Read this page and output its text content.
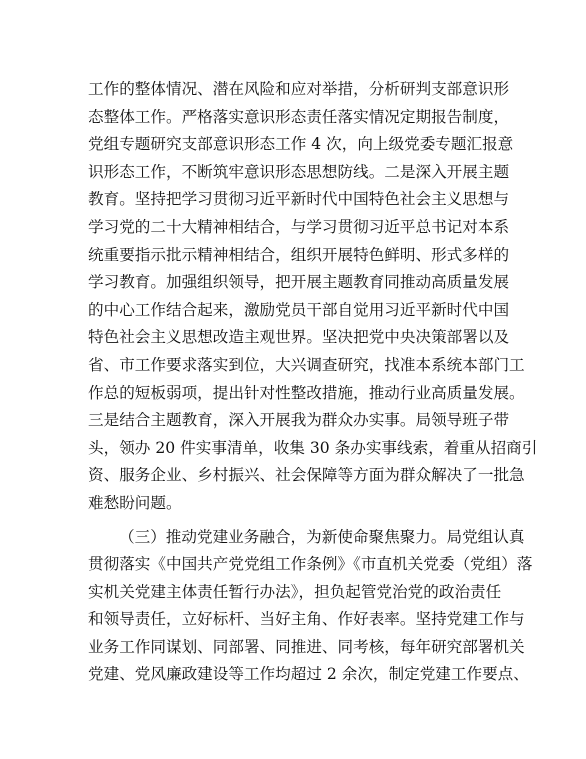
工作的整体情况、潜在风险和应对举措，分析研判支部意识形
态整体工作。严格落实意识形态责任落实情况定期报告制度，
党组专题研究支部意识形态工作 4 次，向上级党委专题汇报意
识形态工作，不断筑牢意识形态思想防线。二是深入开展主题
教育。坚持把学习贯彻习近平新时代中国特色社会主义思想与
学习党的二十大精神相结合，与学习贯彻习近平总书记对本系
统重要指示批示精神相结合，组织开展特色鲜明、形式多样的
学习教育。加强组织领导，把开展主题教育同推动高质量发展
的中心工作结合起来，激励党员干部自觉用习近平新时代中国
特色社会主义思想改造主观世界。坚决把党中央决策部署以及
省、市工作要求落实到位，大兴调查研究，找准本系统本部门工
作总的短板弱项，提出针对性整改措施，推动行业高质量发展。
三是结合主题教育，深入开展我为群众办实事。局领导班子带
头，领办 20 件实事清单，收集 30 条办实事线索，着重从招商引
资、服务企业、乡村振兴、社会保障等方面为群众解决了一批急
难愁盼问题。

（三）推动党建业务融合，为新使命聚焦聚力。局党组认真
贯彻落实《中国共产党党组工作条例》《市直机关党委（党组）落
实机关党建主体责任暂行办法》，担负起管党治党的政治责任
和领导责任，立好标杆、当好主角、作好表率。坚持党建工作与
业务工作同谋划、同部署、同推进、同考核，每年研究部署机关
党建、党风廉政建设等工作均超过 2 余次，制定党建工作要点、
